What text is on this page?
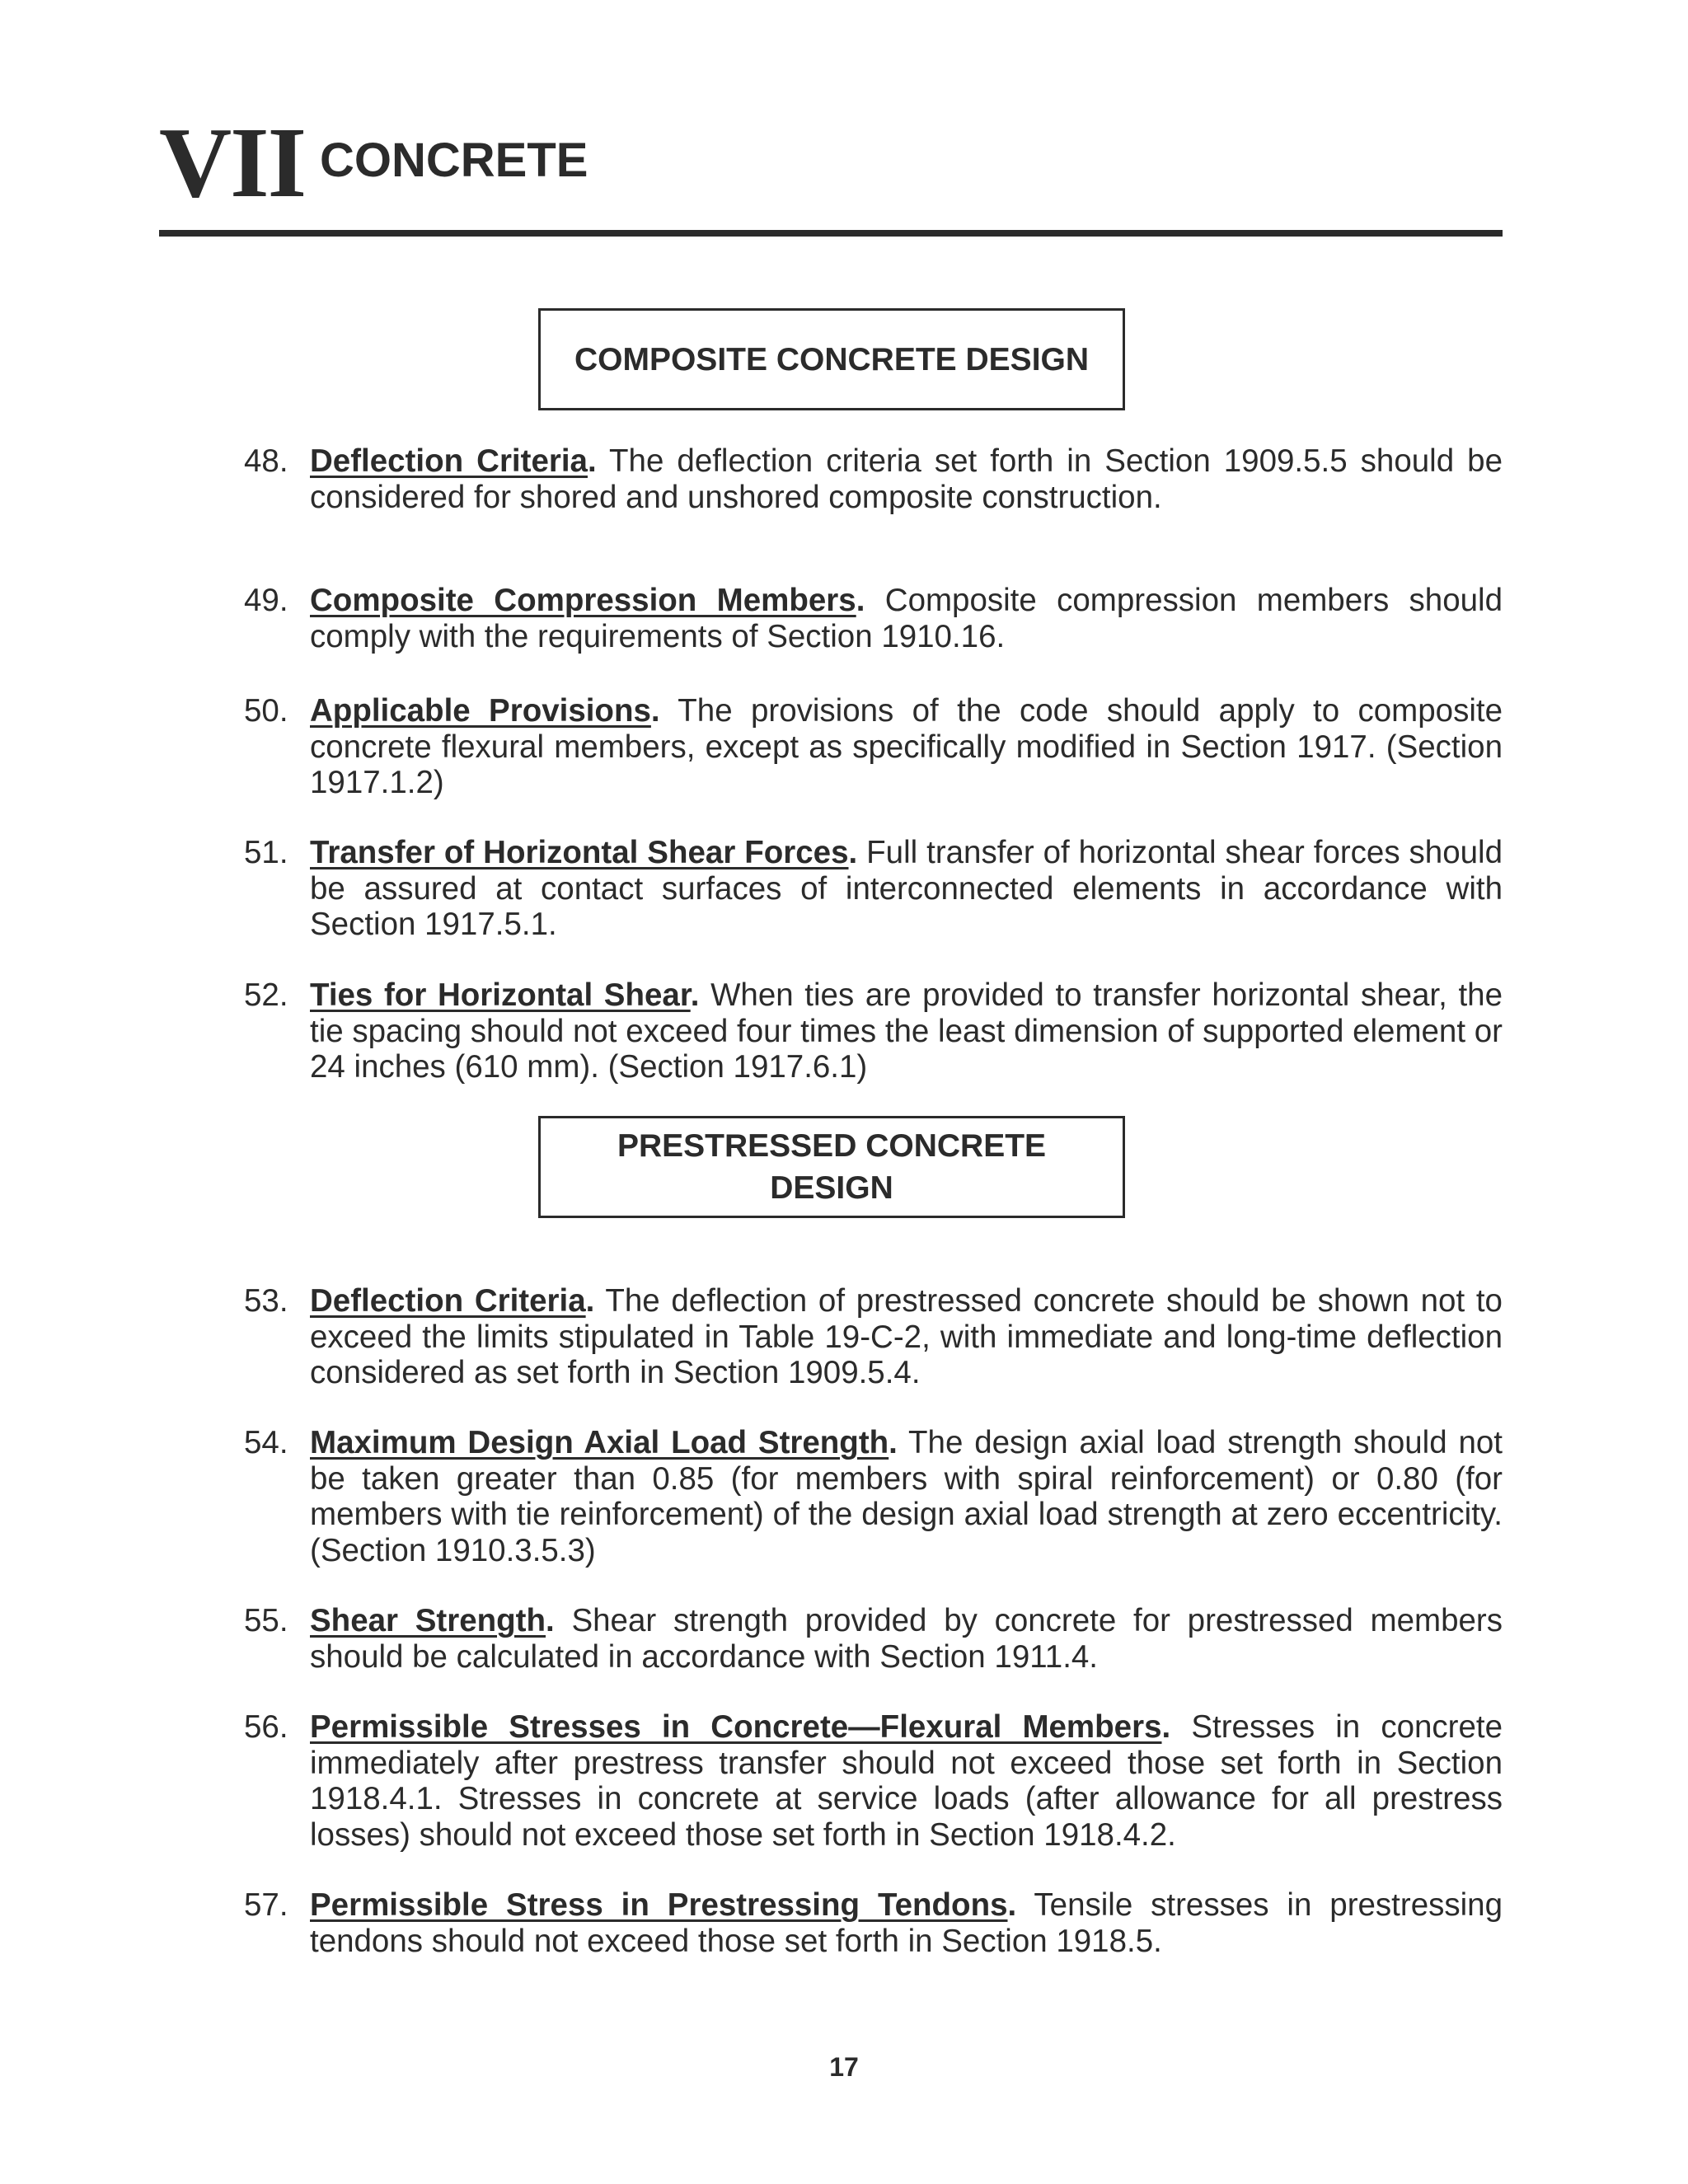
VII CONCRETE
COMPOSITE CONCRETE DESIGN
PRESTRESSED CONCRETE DESIGN
48. Deflection Criteria. The deflection criteria set forth in Section 1909.5.5 should be considered for shored and unshored composite construction.
49. Composite Compression Members. Composite compression members should comply with the requirements of Section 1910.16.
50. Applicable Provisions. The provisions of the code should apply to composite concrete flexural members, except as specifically modified in Section 1917. (Section 1917.1.2)
51. Transfer of Horizontal Shear Forces. Full transfer of horizontal shear forces should be assured at contact surfaces of interconnected elements in accordance with Section 1917.5.1.
52. Ties for Horizontal Shear. When ties are provided to transfer horizontal shear, the tie spacing should not exceed four times the least dimension of supported element or 24 inches (610 mm). (Section 1917.6.1)
53. Deflection Criteria. The deflection of prestressed concrete should be shown not to exceed the limits stipulated in Table 19-C-2, with immediate and long-time deflection considered as set forth in Section 1909.5.4.
54. Maximum Design Axial Load Strength. The design axial load strength should not be taken greater than 0.85 (for members with spiral reinforcement) or 0.80 (for members with tie reinforcement) of the design axial load strength at zero eccentricity. (Section 1910.3.5.3)
55. Shear Strength. Shear strength provided by concrete for prestressed members should be calculated in accordance with Section 1911.4.
56. Permissible Stresses in Concrete—Flexural Members. Stresses in concrete immediately after prestress transfer should not exceed those set forth in Section 1918.4.1. Stresses in concrete at service loads (after allowance for all prestress losses) should not exceed those set forth in Section 1918.4.2.
57. Permissible Stress in Prestressing Tendons. Tensile stresses in prestressing tendons should not exceed those set forth in Section 1918.5.
17
